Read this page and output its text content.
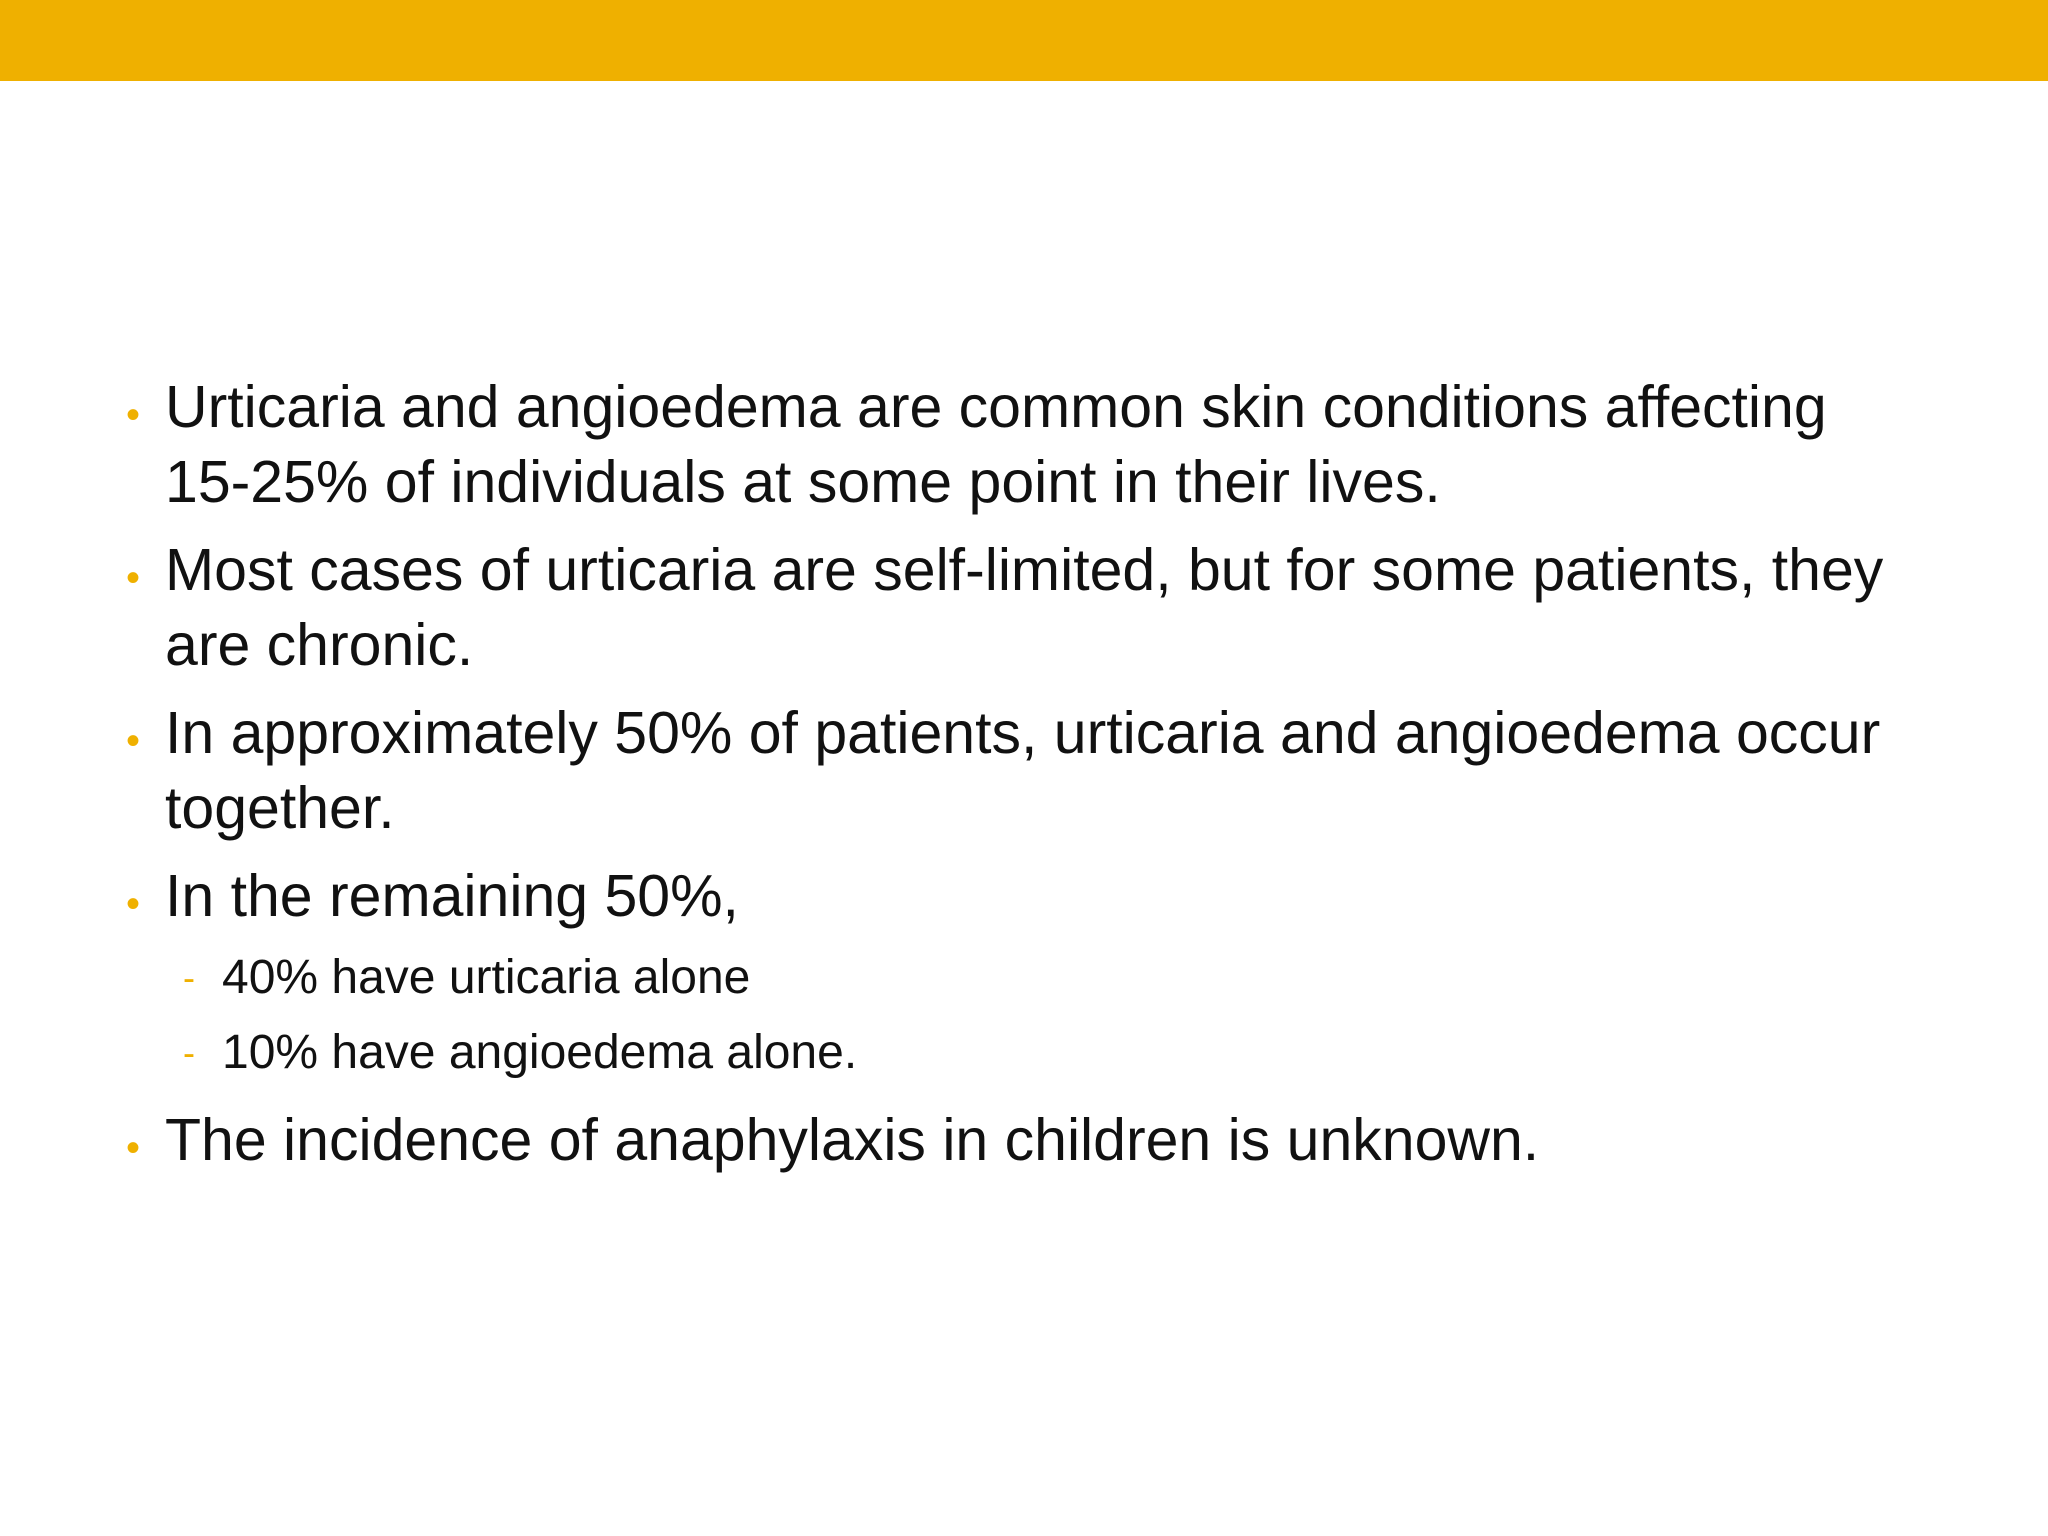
• Urticaria and angioedema are common skin conditions affecting 15-25% of individuals at some point in their lives.
• Most cases of urticaria are self-limited, but for some patients, they are chronic.
• In approximately 50% of patients, urticaria and angioedema occur together.
• In the remaining 50%,
- 40% have urticaria alone
- 10% have angioedema alone.
• The incidence of anaphylaxis in children is unknown.
